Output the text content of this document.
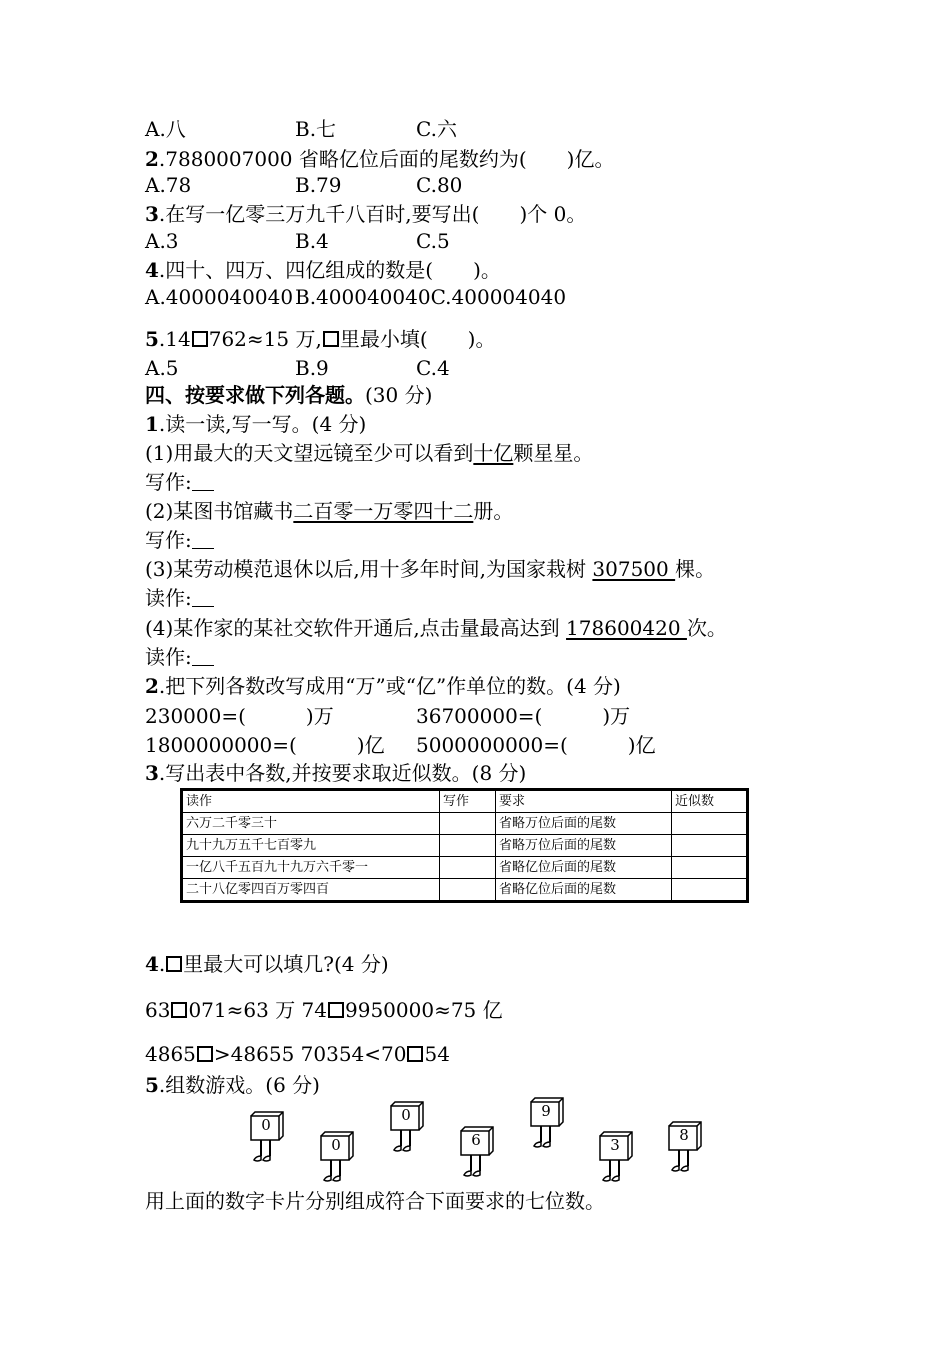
A.八	B.七	C.六
2.7880007000 省略亿位后面的尾数约为(　　)亿。
A.78	B.79	C.80
3.在写一亿零三万九千八百时,要写出(　　)个 0。
A.3	B.4	C.5
4.四十、四万、四亿组成的数是(　　)。
A.4000040040 B.400040040C.400004040
5.14 762≈15 万, 里最小填(　　)。
A.5	B.9	C.4
四、按要求做下列各题。(30 分)
1.读一读,写一写。(4 分)
(1)用最大的天文望远镜至少可以看到十亿颗星星。
写作:
(2)某图书馆藏书二百零一万零四十二册。
写作:
(3)某劳动模范退休以后,用十多年时间,为国家栽树 307500 棵。
读作:
(4)某作家的某社交软件开通后,点击量最高达到 178600420 次。
读作:
2.把下列各数改写成用“万”或“亿”作单位的数。(4 分)
230000=(　　　)万	36700000=(　　　)万
1800000000=(　　　)亿 5000000000=(　　　)亿
3.写出表中各数,并按要求取近似数。(8 分)
读作	写作	要求	近似数
六万二千零三十		省略万位后面的尾数	
九十九万五千七百零九		省略万位后面的尾数	
一亿八千五百九十九万六千零一		省略亿位后面的尾数	
二十八亿零四百万零四百		省略亿位后面的尾数	
4. 里最大可以填几?(4 分)
63 071≈63 万 74 9950000≈75 亿
4865 >48655 70354<70 54
5.组数游戏。(6 分)
0
0
0
6
9
3
8
用上面的数字卡片分别组成符合下面要求的七位数。
